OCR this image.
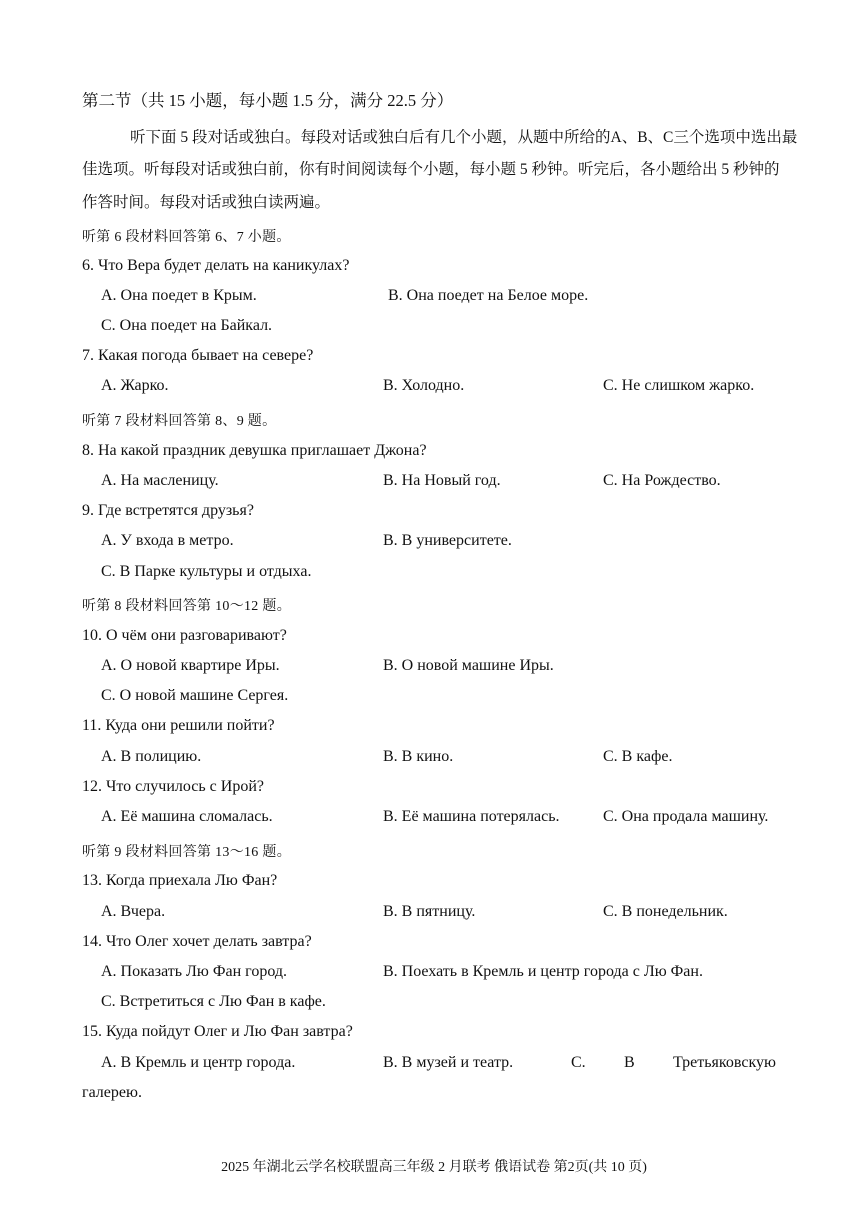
第二节（共 15 小题，每小题 1.5 分，满分 22.5 分）
听下面 5 段对话或独白。每段对话或独白后有几个小题，从题中所给的A、B、C三个选项中选出最
佳选项。听每段对话或独白前，你有时间阅读每个小题，每小题 5 秒钟。听完后，各小题给出 5 秒钟的
作答时间。每段对话或独白读两遍。
听第 6 段材料回答第 6、7 小题。
6. Что Вера будет делать на каникулах?
A. Она поедет в Крым.	B. Она поедет на Белое море.
C. Она поедет на Байкал.
7. Какая погода бывает на севере?
A. Жарко.	B. Холодно.	C. Не слишком жарко.
听第 7 段材料回答第 8、9 题。
8. На какой праздник девушка приглашает Джона?
A. На масленицу.	B. На Новый год.	C. На Рождество.
9. Где встретятся друзья?
A. У входа в метро.	B. В университете.
C. В Парке культуры и отдыха.
听第 8 段材料回答第 10～12 题。
10. О чём они разговаривают?
A. О новой квартире Иры.	B. О новой машине Иры.
C. О новой машине Сергея.
11. Куда они решили пойти?
A. В полицию.	B. В кино.	C. В кафе.
12. Что случилось с Ирой?
A. Её машина сломалась.	B. Её машина потерялась.	C. Она продала машину.
听第 9 段材料回答第 13～16 题。
13. Когда приехала Лю Фан?
A. Вчера.	B. В пятницу.	C. В понедельник.
14. Что Олег хочет делать завтра?
A. Показать Лю Фан город.	B. Поехать в Кремль и центр города с Лю Фан.
C. Встретиться с Лю Фан в кафе.
15. Куда пойдут Олег и Лю Фан завтра?
A. В Кремль и центр города.	B. В музей и театр.	C. В Третьяковскую
галерею.
2025 年湖北云学名校联盟高三年级 2 月联考 俄语试卷 第2页(共 10 页)
